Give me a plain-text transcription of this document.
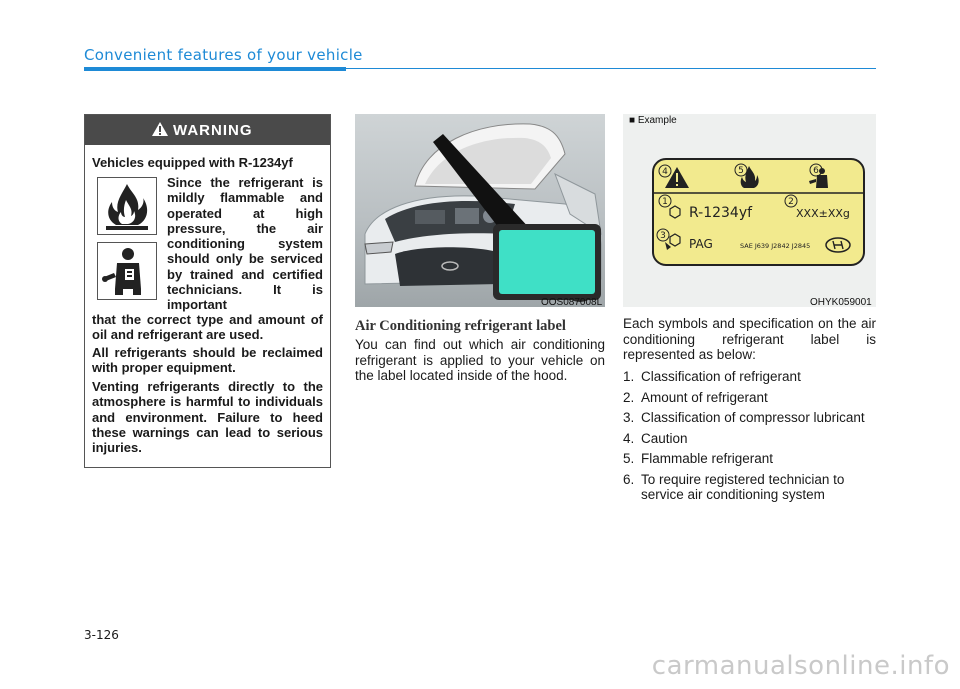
Convenient features of your vehicle
WARNING
Vehicles equipped with R-1234yf
Since the refrigerant is mildly flammable and operated at high pressure, the air conditioning system should only be serviced by trained and certified technicians. It is important
that the correct type and amount of oil and refrigerant are used.
All refrigerants should be reclaimed with proper equipment.
Venting refrigerants directly to the atmosphere is harmful to individuals and environment. Failure to heed these warnings can lead to serious injuries.
OOS087008L
Air Conditioning refrigerant label
You can find out which air conditioning refrigerant is applied to your vehicle on the label located inside of the hood.
■ Example
1	2
3
4	5	6
R-1234yf	XXX±XXg
PAG	SAE J639 J2842 J2845
OHYK059001
Each symbols and specification on the air conditioning refrigerant label is represented as below:
1. Classification of refrigerant
2. Amount of refrigerant
3. Classification of compressor lubricant
4. Caution
5. Flammable refrigerant
6. To require registered technician to service air conditioning system
3-126
carmanualsonline.info
